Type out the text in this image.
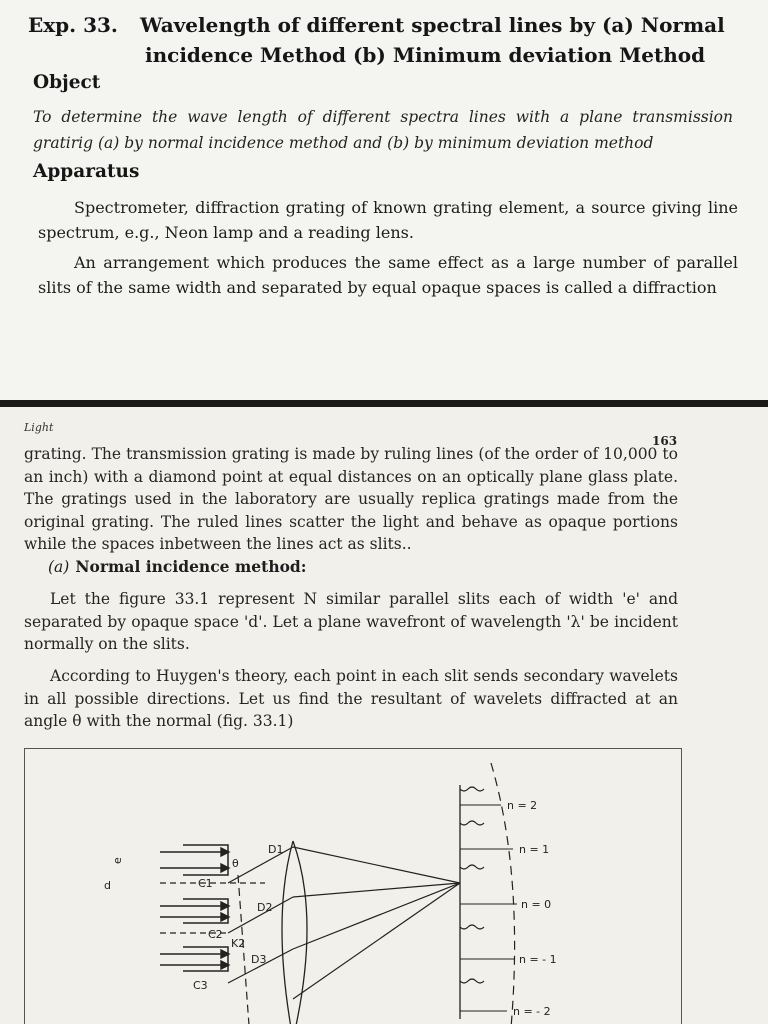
Exp. 33. Wavelength of different spectral lines by (a) Normal
incidence Method (b) Minimum deviation Method
Object
To determine the wave length of different spectra lines with a plane transmission gratirig (a) by normal incidence method and (b) by minimum deviation method
Apparatus
Spectrometer, diffraction grating of known grating element, a source giving line spectrum, e.g., Neon lamp and a reading lens.
An arrangement which produces the same effect as a large number of parallel slits of the same width and separated by equal opaque spaces is called a diffraction
Light
163
grating. The transmission grating is made by ruling lines (of the order of 10,000 to an inch) with a diamond point at equal distances on an optically plane glass plate. The gratings used in the laboratory are usually replica gratings made from the original grating. The ruled lines scatter the light and behave as opaque portions while the spaces inbetween the lines act as slits..
(a) Normal incidence method:
Let the figure 33.1 represent N similar parallel slits each of width 'e' and separated by opaque space 'd'. Let a plane wavefront of wavelength 'λ' be incident normally on the slits.
According to Huygen's theory, each point in each slit sends secondary wavelets in all possible directions. Let us find the resultant of wavelets diffracted at an angle θ with the normal (fig. 33.1)
θ
e
d	C1
C2
C3
D1
D2
D3
K2
n = 2
n = 1
n = 0
n = - 1
n = - 2
